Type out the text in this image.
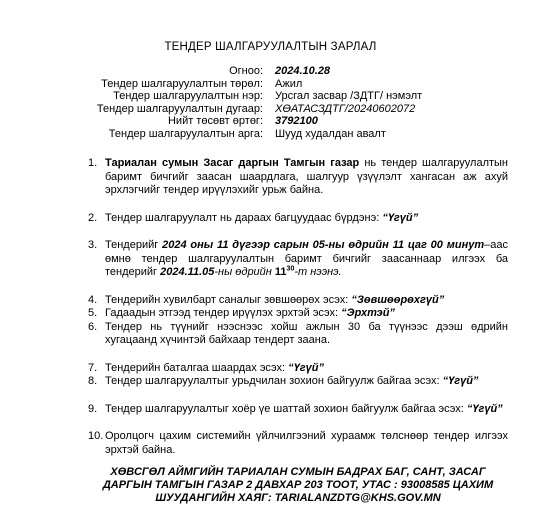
ТЕНДЕР ШАЛГАРУУЛАЛТЫН ЗАРЛАЛ
Огноо:	2024.10.28
Тендер шалгаруулалтын төрөл:	Ажил
Тендер шалгаруулалтын нэр:	Урсгал засвар /ЗДТГ/ нэмэлт
Тендер шалгаруулалтын дугаар:	ХӨАТАСЗДТГ/20240602072
Нийт төсөвт өртөг:	3792100
Тендер шалгаруулалтын арга:	Шууд худалдан авалт
1. Тариалан сумын Засаг даргын Тамгын газар нь тендер шалгаруулалтын баримт бичгийг заасан шаардлага, шалгуур үзүүлэлт хангасан аж ахуй эрхлэгчийг тендер ирүүлэхийг урьж байна.
2. Тендер шалгаруулалт нь дараах багцуудаас бүрдэнэ: “Үгүй”
3. Тендерийг 2024 оны 11 дүгээр сарын 05-ны өдрийн 11 цаг 00 минут–аас өмнө тендер шалгаруулалтын баримт бичгийг заасаннаар илгээх ба тендерийг 2024.11.05-ны өдрийн $11^{30}-т$ нээнэ.
4. Тендерийн хувилбарт саналыг зөвшөөрөх эсэх: “Зөвшөөрөхгүй”
5. Гадаадын этгээд тендер ирүүлэх эрхтэй эсэх: “Эрхтэй”
6. Тендер нь түүнийг нээснээс хойш ажлын 30 ба түүнээс дээш өдрийн хугацаанд хүчинтэй байхаар тендерт заана.
7. Тендерийн баталгаа шаардах эсэх: “Үгүй”
8. Тендер шалгаруулалтыг урьдчилан зохион байгуулж байгаа эсэх: “Үгүй”
9. Тендер шалгаруулалтыг хоёр үе шаттай зохион байгуулж байгаа эсэх: “Үгүй”
10. Оролцогч цахим системийн үйлчилгээний хураамж төлснөөр тендер илгээх эрхтэй байна.
ХӨВСГӨЛ АЙМГИЙН ТАРИАЛАН СУМЫН БАДРАХ БАГ, САНТ, ЗАСАГ ДАРГЫН ТАМГЫН ГАЗАР 2 ДАВХАР 203 ТООТ, УТАС : 93008585 ЦАХИМ ШУУДАНГИЙН ХАЯГ: TARIALANZDTG@KHS.GOV.MN
